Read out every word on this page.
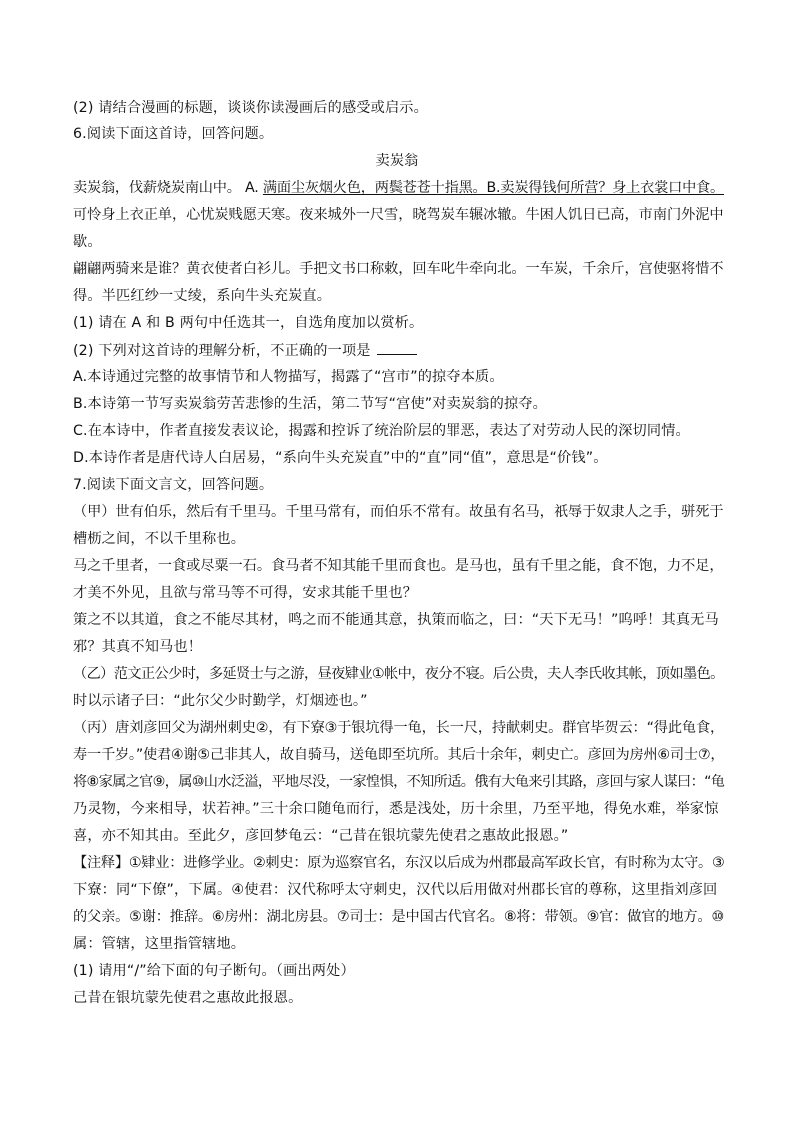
(2) 请结合漫画的标题，谈谈你读漫画后的感受或启示。
6.阅读下面这首诗，回答问题。
卖炭翁
卖炭翁，伐薪烧炭南山中。 A. 满面尘灰烟火色，两鬓苍苍十指黑。B.卖炭得钱何所营？身上衣裳口中食。
可怜身上衣正单，心忧炭贱愿天寒。夜来城外一尺雪，晓驾炭车辗冰辙。牛困人饥日已高，市南门外泥中
歇。
翩翩两骑来是谁？黄衣使者白衫儿。手把文书口称敕，回车叱牛牵向北。一车炭，千余斤，宫使驱将惜不
得。半匹红纱一丈绫，系向牛头充炭直。
(1) 请在 A 和 B 两句中任选其一，自选角度加以赏析。
(2) 下列对这首诗的理解分析，不正确的一项是
A.本诗通过完整的故事情节和人物描写，揭露了“宫市”的掠夺本质。
B.本诗第一节写卖炭翁劳苦悲惨的生活，第二节写“宫使”对卖炭翁的掠夺。
C.在本诗中，作者直接发表议论，揭露和控诉了统治阶层的罪恶，表达了对劳动人民的深切同情。
D.本诗作者是唐代诗人白居易，“系向牛头充炭直”中的“直”同“值”，意思是“价钱”。
7.阅读下面文言文，回答问题。
（甲）世有伯乐，然后有千里马。千里马常有，而伯乐不常有。故虽有名马，祇辱于奴隶人之手，骈死于
槽枥之间，不以千里称也。
马之千里者，一食或尽粟一石。食马者不知其能千里而食也。是马也，虽有千里之能，食不饱，力不足，
才美不外见，且欲与常马等不可得，安求其能千里也？
策之不以其道，食之不能尽其材，鸣之而不能通其意，执策而临之，曰：“天下无马！”呜呼！其真无马
邪？其真不知马也！
（乙）范文正公少时，多延贤士与之游，昼夜肄业①帐中，夜分不寝。后公贵，夫人李氏收其帐，顶如墨色。
时以示诸子曰：“此尔父少时勤学，灯烟迹也。”
（丙）唐刘彦回父为湖州刺史②，有下寮③于银坑得一龟，长一尺，持献刺史。群官毕贺云：“得此龟食，
寿一千岁。”使君④谢⑤己非其人，故自骑马，送龟即至坑所。其后十余年，刺史亡。彦回为房州⑥司士⑦，
将⑧家属之官⑨，属⑩山水泛溢，平地尽没，一家惶惧，不知所适。俄有大龟来引其路，彦回与家人谋曰：“龟
乃灵物，今来相导，状若神。”三十余口随龟而行，悉是浅处，历十余里，乃至平地，得免水难，举家惊
喜，亦不知其由。至此夕，彦回梦龟云：“己昔在银坑蒙先使君之惠故此报恩。”
【注释】①肄业：进修学业。②刺史：原为巡察官名，东汉以后成为州郡最高军政长官，有时称为太守。③
下寮：同“下僚”，下属。④使君：汉代称呼太守刺史，汉代以后用做对州郡长官的尊称，这里指刘彦回
的父亲。⑤谢：推辞。⑥房州：湖北房县。⑦司士：是中国古代官名。⑧将：带领。⑨官：做官的地方。⑩
属：管辖，这里指管辖地。
(1) 请用“/”给下面的句子断句。（画出两处）
己昔在银坑蒙先使君之惠故此报恩。
